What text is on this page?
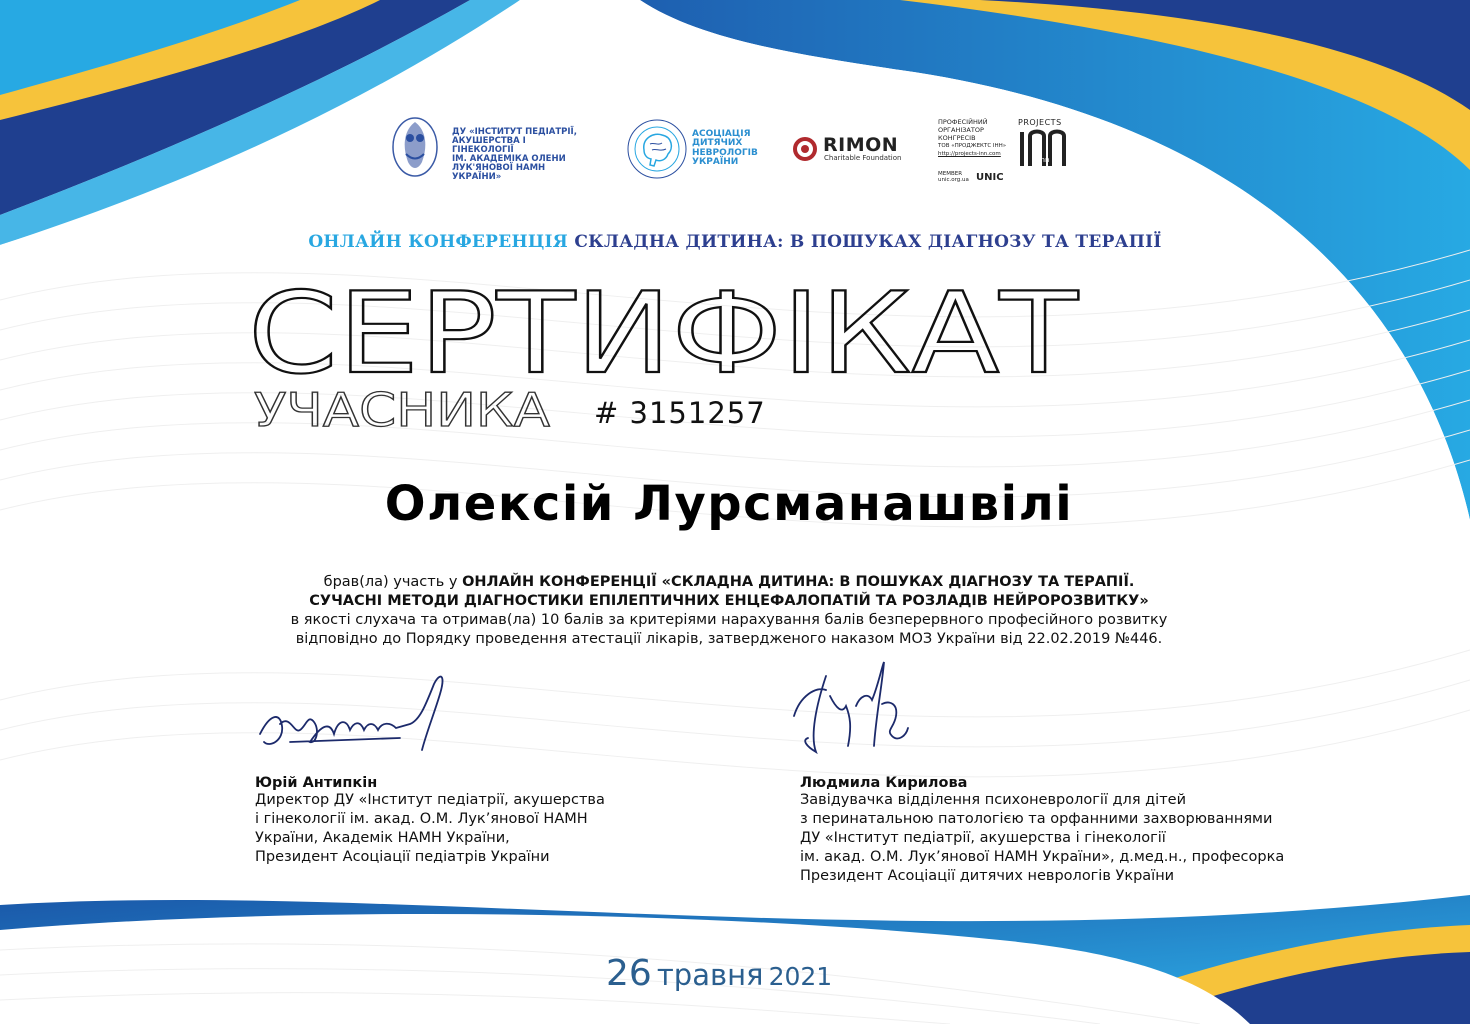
ДУ «ІНСТИТУТ ПЕДІАТРІЇ,
АКУШЕРСТВА І ГІНЕКОЛОГІЇ
ІМ. АКАДЕМІКА ОЛЕНИ
ЛУК'ЯНОВОЇ НАМН УКРАЇНИ»
АСОЦІАЦІЯ
ДИТЯЧИХ
НЕВРОЛОГІВ
УКРАЇНИ
RIMON
Charitable Foundation
ПРОФЕСІЙНИЙ
ОРГАНІЗАТОР
КОНГРЕСІВ
ТОВ «ПРОДЖЕКТС ІНН»
http://projects-inn.com
PROJECTS
inn
MEMBER
unic.org.ua UNIC
ОНЛАЙН КОНФЕРЕНЦІЯ СКЛАДНА ДИТИНА: В ПОШУКАХ ДІАГНОЗУ ТА ТЕРАПІЇ
СЕРТИФІКАТ
УЧАСНИКА # 3151257
Олексій Лурсманашвілі
брав(ла) участь у ОНЛАЙН КОНФЕРЕНЦІЇ «СКЛАДНА ДИТИНА: В ПОШУКАХ ДІАГНОЗУ ТА ТЕРАПІЇ.
СУЧАСНІ МЕТОДИ ДІАГНОСТИКИ ЕПІЛЕПТИЧНИХ ЕНЦЕФАЛОПАТІЙ ТА РОЗЛАДІВ НЕЙРОРОЗВИТКУ»
в якості слухача та отримав(ла) 10 балів за критеріями нарахування балів безперервного професійного розвитку
відповідно до Порядку проведення атестації лікарів, затвердженого наказом МОЗ України від 22.02.2019 №446.
Юрій Антипкін
Директор ДУ «Інститут педіатрії, акушерства
і гінекології ім. акад. О.М. Лук’янової НАМН
України, Академік НАМН України,
Президент Асоціації педіатрів України
Людмила Кирилова
Завідувачка відділення психоневрології для дітей
з перинатальною патологією та орфанними захворюваннями
ДУ «Інститут педіатрії, акушерства і гінекології
ім. акад. О.М. Лук’янової НАМН України», д.мед.н., професорка
Президент Асоціації дитячих неврологів України
26 травня 2021
